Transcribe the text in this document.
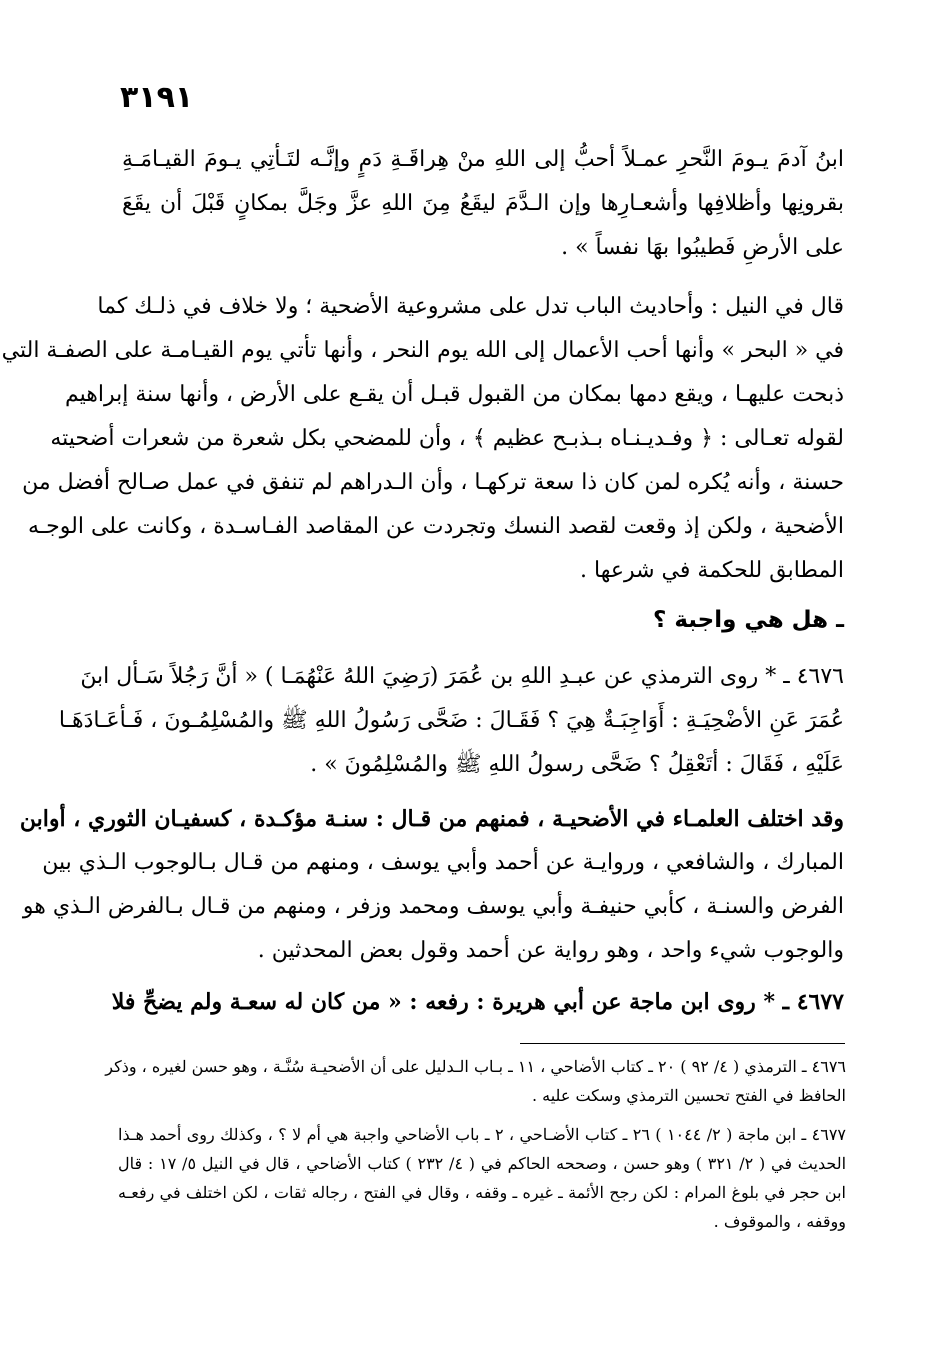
٣١٩١
ابنُ آدمَ يـومَ النَّحرِ عمـلاً أحبُّ إلى اللهِ منْ هِراقَـةِ دَمٍ وإنَّـه لتَـأتِي يـومَ القيـامَـةِ
بقرونِها وأظلافِها وأشعـارِها وإن الـدَّمَ ليقَعُ مِنَ اللهِ عزَّ وجَلَّ بمكانٍ قَبْلَ أن يقَعَ
على الأرضِ فَطيبُوا بهَا نفساً » .
قال في النيل : وأحاديث الباب تدل على مشروعية الأضحية ؛ ولا خلاف في ذلـك كما
في « البحر » وأنها أحب الأعمال إلى الله يوم النحر ، وأنها تأتي يوم القيـامـة على الصفـة التي
ذبحت عليهـا ، ويقع دمها بمكان من القبول قبـل أن يقـع على الأرض ، وأنها سنة إبراهيم
لقوله تعـالى : ﴿ وفـديـنـاه بـذبـح عظيم ﴾ ، وأن للمضحي بكل شعرة من شعرات أضحيته
حسنة ، وأنه يُكره لمن كان ذا سعة تركهـا ، وأن الـدراهم لم تنفق في عمل صـالح أفضل من
الأضحية ، ولكن إذ وقعت لقصد النسك وتجردت عن المقاصد الفـاسـدة ، وكانت على الوجـه
المطابق للحكمة في شرعها .
ـ هل هي واجبة ؟
٤٦٧٦ ـ * روى الترمذي عن عبـدِ اللهِ بن عُمَرَ (رَضِيَ اللهُ عَنْهُمَـا ) « أنَّ رَجُلاً سَـأل ابنَ
عُمَرَ عَنِ الأضْحِيَـةِ : أَوَاجِبَـةٌ هِيَ ؟ فَقَـالَ : ضَحَّى رَسُولُ اللهِ ﷺ والمُسْلِمُـونَ ، فَـأعَـادَهَـا
عَلَيْهِ ، فَقَالَ : أتَعْقِلُ ؟ ضَحَّى رسولُ اللهِ ﷺ والمُسْلِمُونَ » .
وقد اختلف العلمـاء في الأضحيـة ، فمنهم من قـال : سنـة مؤكـدة ، كسفيـان الثوري ، أوابن
المبارك ، والشافعي ، وروايـة عن أحمد وأبي يوسف ، ومنهم من قـال بـالوجوب الـذي بين
الفرض والسنـة ، كأبي حنيفـة وأبي يوسف ومحمد وزفر ، ومنهم من قـال بـالفرض الـذي هو
والوجوب شيء واحد ، وهو رواية عن أحمد وقول بعض المحدثين .
٤٦٧٧ ـ * روى ابن ماجة عن أبي هريرة : رفعه : « من كان له سعـة ولم يضحِّ فلا
٤٦٧٦ ـ الترمذي ( ٤/ ٩٢ ) ٢٠ ـ كتاب الأضاحي ، ١١ ـ بـاب الـدليل على أن الأضحيـة سُنَّـة ، وهو حسن لغيره ، وذكر
الحافظ في الفتح تحسين الترمذي وسكت عليه .
٤٦٧٧ ـ ابن ماجة ( ٢/ ١٠٤٤ ) ٢٦ ـ كتاب الأضـاحي ، ٢ ـ باب الأضاحي واجبة هي أم لا ؟ ، وكذلك روى أحمد هـذا
الحديث في ( ٢/ ٣٢١ ) وهو حسن ، وصححه الحاكم في ( ٤/ ٢٣٢ ) كتاب الأضاحي ، قال في النيل ٥/ ١٧ : قال
ابن حجر في بلوغ المرام : لكن رجح الأئمة ـ غيره ـ وقفه ، وقال في الفتح ، رجاله ثقات ، لكن اختلف في رفعـه
ووقفه ، والموقوف .
